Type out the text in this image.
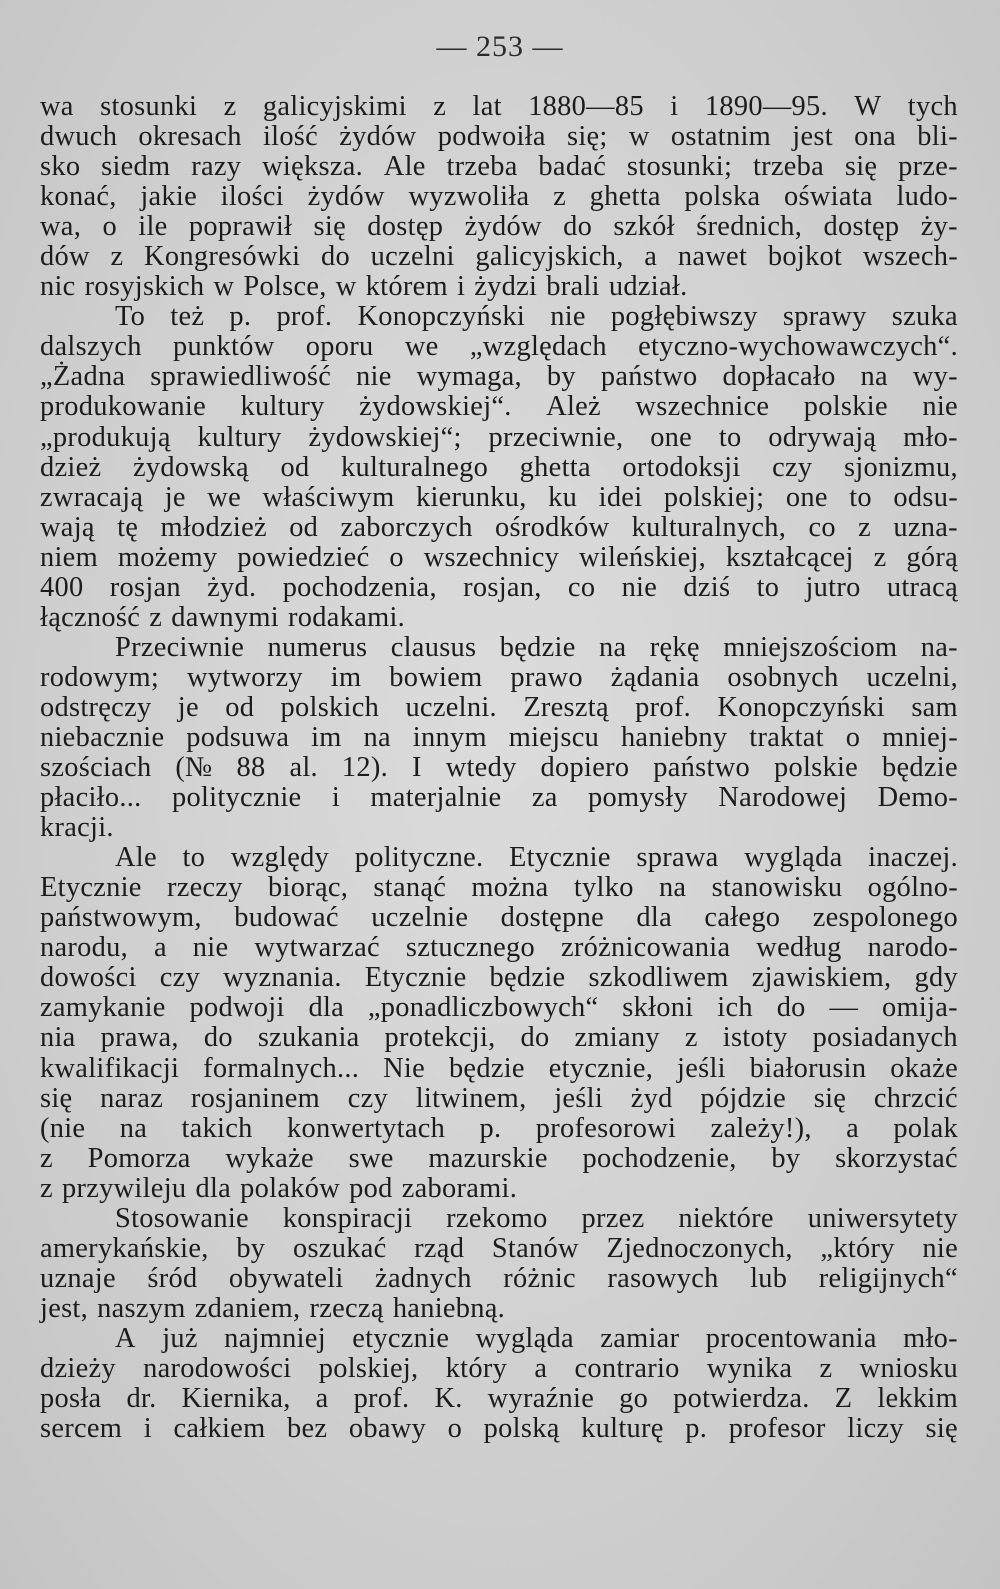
— 253 —
wa stosunki z galicyjskimi z lat 1880—85 i 1890—95. W tych
dwuch okresach ilość żydów podwoiła się; w ostatnim jest ona bli-
sko siedm razy większa. Ale trzeba badać stosunki; trzeba się prze-
konać, jakie ilości żydów wyzwoliła z ghetta polska oświata ludo-
wa, o ile poprawił się dostęp żydów do szkół średnich, dostęp ży-
dów z Kongresówki do uczelni galicyjskich, a nawet bojkot wszech-
nic rosyjskich w Polsce, w którem i żydzi brali udział.
To też p. prof. Konopczyński nie pogłębiwszy sprawy szuka
dalszych punktów oporu we „względach etyczno-wychowawczych“.
„Żadna sprawiedliwość nie wymaga, by państwo dopłacało na wy-
produkowanie kultury żydowskiej“. Ależ wszechnice polskie nie
„produkują kultury żydowskiej“; przeciwnie, one to odrywają mło-
dzież żydowską od kulturalnego ghetta ortodoksji czy sjonizmu,
zwracają je we właściwym kierunku, ku idei polskiej; one to odsu-
wają tę młodzież od zaborczych ośrodków kulturalnych, co z uzna-
niem możemy powiedzieć o wszechnicy wileńskiej, kształcącej z górą
400 rosjan żyd. pochodzenia, rosjan, co nie dziś to jutro utracą
łączność z dawnymi rodakami.
Przeciwnie numerus clausus będzie na rękę mniejszościom na-
rodowym; wytworzy im bowiem prawo żądania osobnych uczelni,
odstręczy je od polskich uczelni. Zresztą prof. Konopczyński sam
niebacznie podsuwa im na innym miejscu haniebny traktat o mniej-
szościach (№ 88 al. 12). I wtedy dopiero państwo polskie będzie
płaciło... politycznie i materjalnie za pomysły Narodowej Demo-
kracji.
Ale to względy polityczne. Etycznie sprawa wygląda inaczej.
Etycznie rzeczy biorąc, stanąć można tylko na stanowisku ogólno-
państwowym, budować uczelnie dostępne dla całego zespolonego
narodu, a nie wytwarzać sztucznego zróżnicowania według narodo-
dowości czy wyznania. Etycznie będzie szkodliwem zjawiskiem, gdy
zamykanie podwoji dla „ponadliczbowych“ skłoni ich do — omija-
nia prawa, do szukania protekcji, do zmiany z istoty posiadanych
kwalifikacji formalnych... Nie będzie etycznie, jeśli białorusin okaże
się naraz rosjaninem czy litwinem, jeśli żyd pójdzie się chrzcić
(nie na takich konwertytach p. profesorowi zależy!), a polak
z Pomorza wykaże swe mazurskie pochodzenie, by skorzystać
z przywileju dla polaków pod zaborami.
Stosowanie konspiracji rzekomo przez niektóre uniwersytety
amerykańskie, by oszukać rząd Stanów Zjednoczonych, „który nie
uznaje śród obywateli żadnych różnic rasowych lub religijnych“
jest, naszym zdaniem, rzeczą haniebną.
A już najmniej etycznie wygląda zamiar procentowania mło-
dzieży narodowości polskiej, który a contrario wynika z wniosku
posła dr. Kiernika, a prof. K. wyraźnie go potwierdza. Z lekkim
sercem i całkiem bez obawy o polską kulturę p. profesor liczy się
